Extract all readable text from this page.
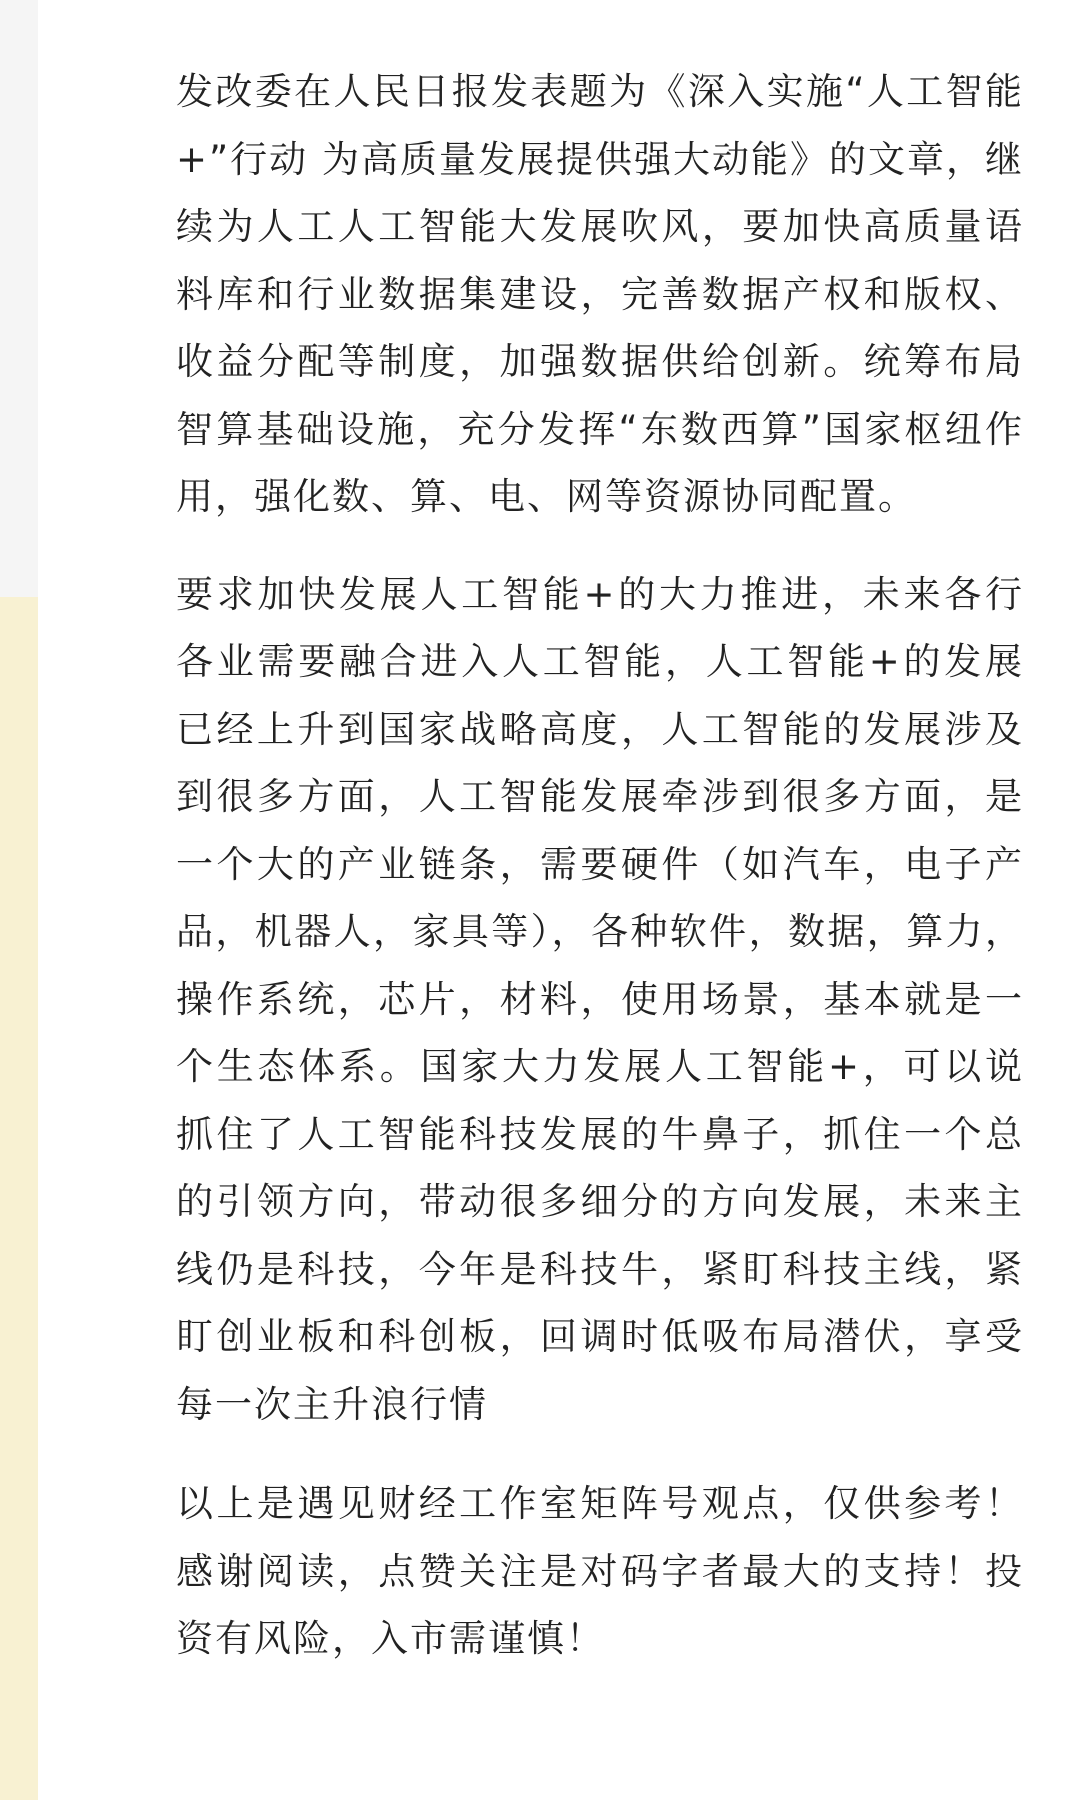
发改委在人民日报发表题为《深入实施“人工智能+”行动 为高质量发展提供强大动能》的文章，继续为人工人工智能大发展吹风，要加快高质量语料库和行业数据集建设，完善数据产权和版权、收益分配等制度，加强数据供给创新。统筹布局智算基础设施，充分发挥“东数西算”国家枢纽作用，强化数、算、电、网等资源协同配置。

要求加快发展人工智能+的大力推进，未来各行各业需要融合进入人工智能，人工智能+的发展已经上升到国家战略高度，人工智能的发展涉及到很多方面，人工智能发展牵涉到很多方面，是一个大的产业链条，需要硬件（如汽车，电子产品，机器人，家具等），各种软件，数据，算力，操作系统，芯片，材料，使用场景，基本就是一个生态体系。国家大力发展人工智能+，可以说抓住了人工智能科技发展的牛鼻子，抓住一个总的引领方向，带动很多细分的方向发展，未来主线仍是科技，今年是科技牛，紧盯科技主线，紧盯创业板和科创板，回调时低吸布局潜伏，享受每一次主升浪行情

以上是遇见财经工作室矩阵号观点，仅供参考！感谢阅读，点赞关注是对码字者最大的支持！投资有风险，入市需谨慎！
